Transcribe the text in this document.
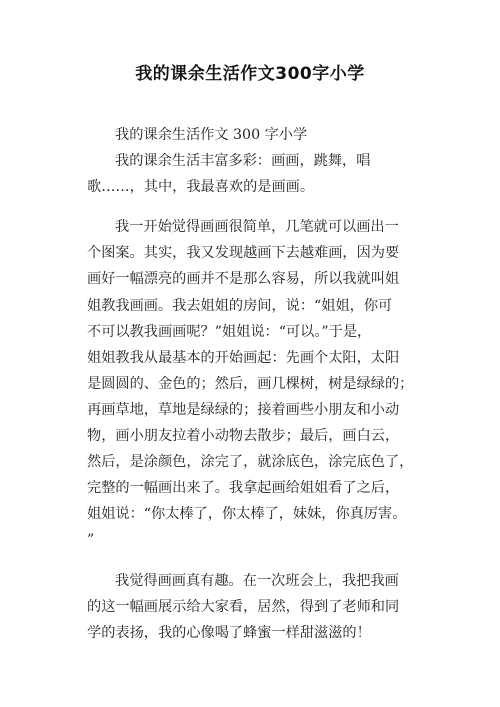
我的课余生活作文300字小学
我的课余生活作文 300 字小学
我的课余生活丰富多彩：画画，跳舞，唱
歌……，其中，我最喜欢的是画画。
我一开始觉得画画很简单，几笔就可以画出一
个图案。其实，我又发现越画下去越难画，因为要
画好一幅漂亮的画并不是那么容易，所以我就叫姐
姐教我画画。我去姐姐的房间，说：“姐姐，你可
不可以教我画画呢？”姐姐说：“可以。”于是，
姐姐教我从最基本的开始画起：先画个太阳，太阳
是圆圆的、金色的；然后，画几棵树，树是绿绿的；
再画草地，草地是绿绿的；接着画些小朋友和小动
物，画小朋友拉着小动物去散步；最后，画白云，
然后，是涂颜色，涂完了，就涂底色，涂完底色了，
完整的一幅画出来了。我拿起画给姐姐看了之后，
姐姐说：“你太棒了，你太棒了，妹妹，你真厉害。
”
我觉得画画真有趣。在一次班会上，我把我画
的这一幅画展示给大家看，居然，得到了老师和同
学的表扬，我的心像喝了蜂蜜一样甜滋滋的！
